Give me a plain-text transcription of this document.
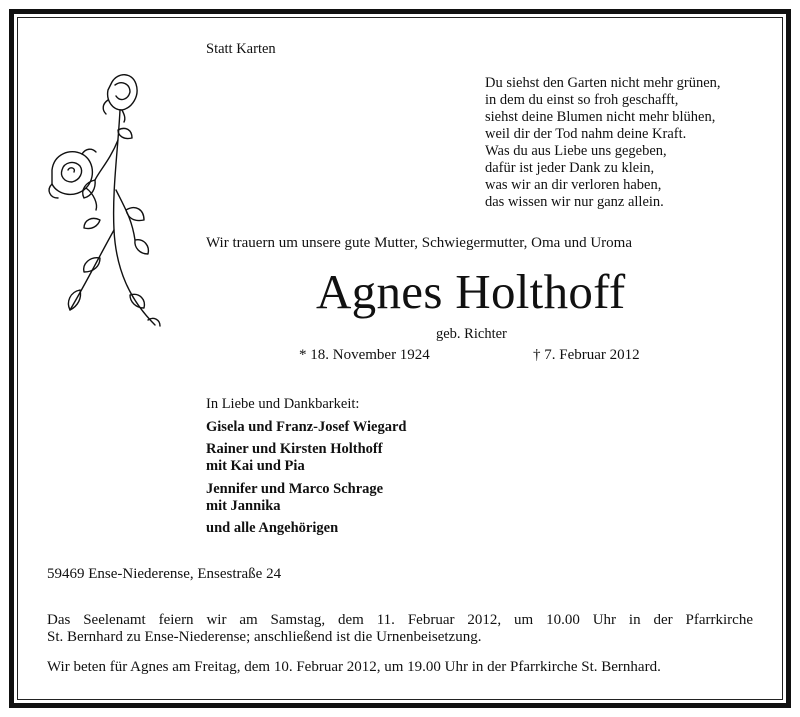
Statt Karten
Du siehst den Garten nicht mehr grünen,
in dem du einst so froh geschafft,
siehst deine Blumen nicht mehr blühen,
weil dir der Tod nahm deine Kraft.
Was du aus Liebe uns gegeben,
dafür ist jeder Dank zu klein,
was wir an dir verloren haben,
das wissen wir nur ganz allein.
Wir trauern um unsere gute Mutter, Schwiegermutter, Oma und Uroma
Agnes Holthoff
geb. Richter
* 18. November 1924	† 7. Februar 2012
In Liebe und Dankbarkeit:
Gisela und Franz-Josef Wiegard
Rainer und Kirsten Holthoff
mit Kai und Pia
Jennifer und Marco Schrage
mit Jannika
und alle Angehörigen
59469 Ense-Niederense, Ensestraße 24
Das Seelenamt feiern wir am Samstag, dem 11. Februar 2012, um 10.00 Uhr in der Pfarrkirche
St. Bernhard zu Ense-Niederense; anschließend ist die Urnenbeisetzung.
Wir beten für Agnes am Freitag, dem 10. Februar 2012, um 19.00 Uhr in der Pfarrkirche St. Bernhard.
